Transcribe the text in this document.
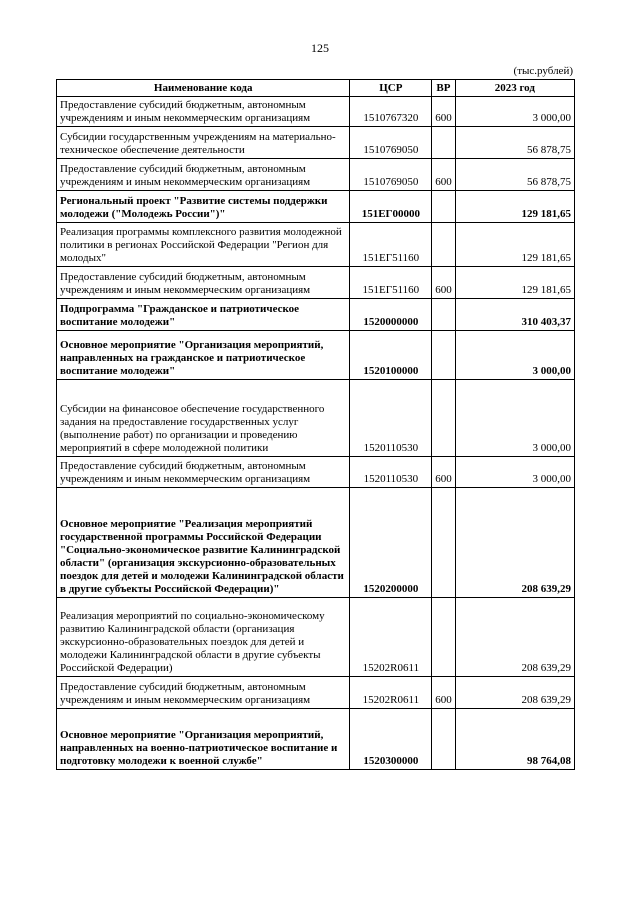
125
(тыс.рублей)
Наименование кода	ЦСР	ВР	2023 год
Предоставление субсидий бюджетным, автономным учреждениям и иным некоммерческим организациям	1510767320	600	3 000,00
Субсидии государственным учреждениям на материально-техническое обеспечение деятельности	1510769050		56 878,75
Предоставление субсидий бюджетным, автономным учреждениям и иным некоммерческим организациям	1510769050	600	56 878,75
Региональный проект "Развитие системы поддержки молодежи ("Молодежь России")"	151ЕГ00000		129 181,65
Реализация программы комплексного развития молодежной политики в регионах Российской Федерации "Регион для молодых"	151ЕГ51160		129 181,65
Предоставление субсидий бюджетным, автономным учреждениям и иным некоммерческим организациям	151ЕГ51160	600	129 181,65
Подпрограмма "Гражданское и патриотическое воспитание молодежи"	1520000000		310 403,37
Основное мероприятие "Организация мероприятий, направленных на гражданское и патриотическое воспитание молодежи"	1520100000		3 000,00
Субсидии на финансовое обеспечение государственного задания на предоставление государственных услуг (выполнение работ) по организации и проведению мероприятий в сфере молодежной политики	1520110530		3 000,00
Предоставление субсидий бюджетным, автономным учреждениям и иным некоммерческим организациям	1520110530	600	3 000,00
Основное мероприятие "Реализация мероприятий государственной программы Российской Федерации "Социально-экономическое развитие Калининградской области" (организация экскурсионно-образовательных поездок для детей и молодежи Калининградской области в другие субъекты Российской Федерации)"	1520200000		208 639,29
Реализация мероприятий по социально-экономическому развитию Калининградской области (организация экскурсионно-образовательных поездок для детей и молодежи Калининградской области в другие субъекты Российской Федерации)	15202R0611		208 639,29
Предоставление субсидий бюджетным, автономным учреждениям и иным некоммерческим организациям	15202R0611	600	208 639,29
Основное мероприятие "Организация мероприятий, направленных на военно-патриотическое воспитание и подготовку молодежи к военной службе"	1520300000		98 764,08
